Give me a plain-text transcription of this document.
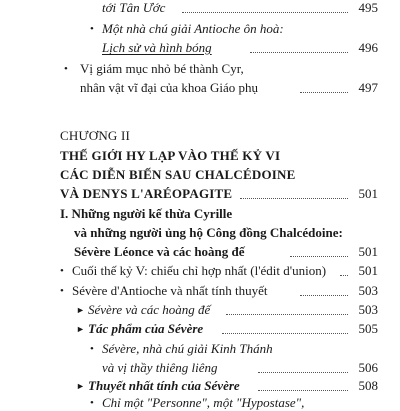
tới Tân Ước	495
• Một nhà chú giải Antioche ôn hoà:
Lịch sử và hình bóng	496
• Vị giám mục nhỏ bé thành Cyr,
nhân vật vĩ đại của khoa Giáo phụ	497
CHƯƠNG II
THẾ GIỚI HY LẠP VÀO THẾ KỶ VI
CÁC DIỄN BIẾN SAU CHALCÉDOINE
VÀ DENYS L'ARÉOPAGITE	501
I. Những người kế thừa Cyrille
và những người ủng hộ Công đồng Chalcédoine:
Sévère Léonce và các hoàng đế	501
• Cuối thế kỷ V: chiếu chỉ hợp nhất (l'édit d'union) 501
• Sévère d'Antioche và nhất tính thuyết	503
► Sévère và các hoàng đế	503
► Tác phẩm của Sévère	505
• Sévère, nhà chú giải Kinh Thánh
và vị thầy thiêng liêng	506
► Thuyết nhất tính của Sévère	508
• Chỉ một "Personne", một "Hypostase",
